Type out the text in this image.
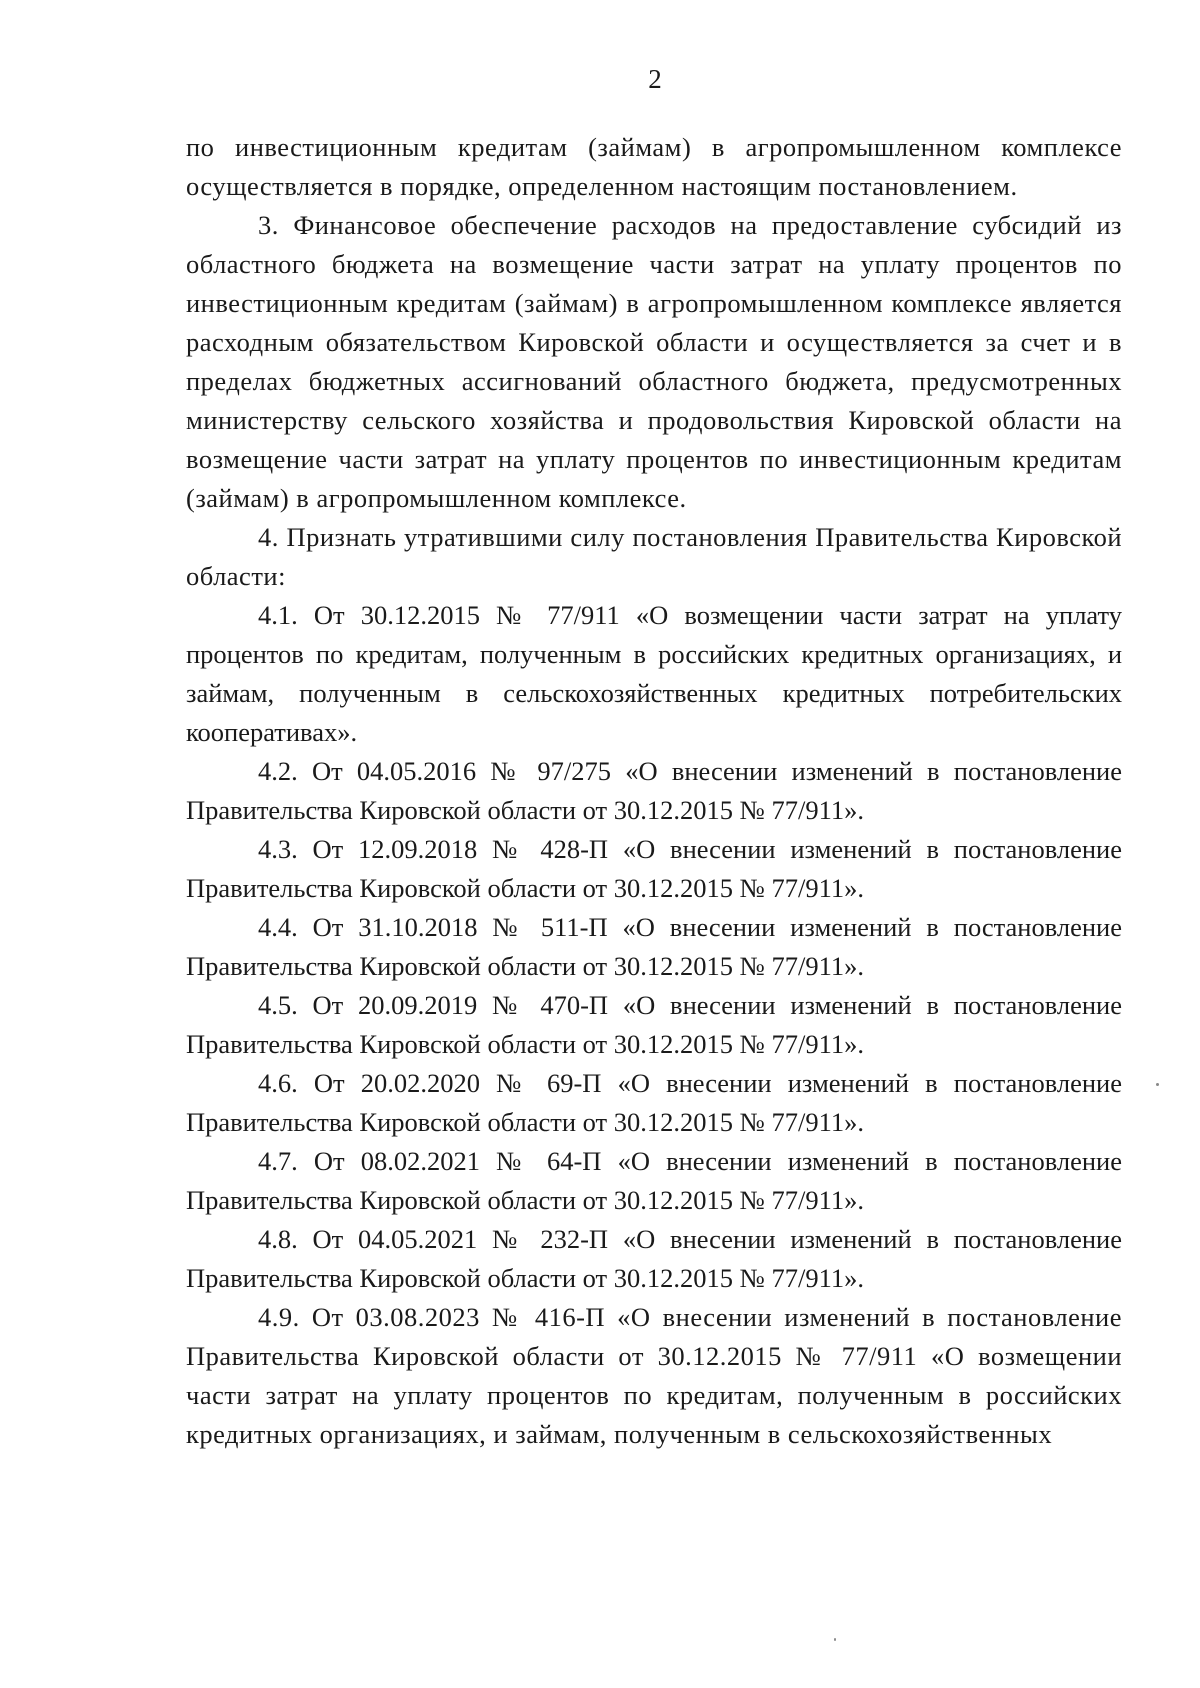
2

по инвестиционным кредитам (займам) в агропромышленном комплексе осуществляется в порядке, определенном настоящим постановлением.

3. Финансовое обеспечение расходов на предоставление субсидий из областного бюджета на возмещение части затрат на уплату процентов по инвестиционным кредитам (займам) в агропромышленном комплексе является расходным обязательством Кировской области и осуществляется за счет и в пределах бюджетных ассигнований областного бюджета, предусмотренных министерству сельского хозяйства и продовольствия Кировской области на возмещение части затрат на уплату процентов по инвестиционным кредитам (займам) в агропромышленном комплексе.

4. Признать утратившими силу постановления Правительства Кировской области:

4.1. От 30.12.2015 № 77/911 «О возмещении части затрат на уплату процентов по кредитам, полученным в российских кредитных организациях, и займам, полученным в сельскохозяйственных кредитных потребительских кооперативах».

4.2. От 04.05.2016 № 97/275 «О внесении изменений в постановление Правительства Кировской области от 30.12.2015 № 77/911».

4.3. От 12.09.2018 № 428-П «О внесении изменений в постановление Правительства Кировской области от 30.12.2015 № 77/911».

4.4. От 31.10.2018 № 511-П «О внесении изменений в постановление Правительства Кировской области от 30.12.2015 № 77/911».

4.5. От 20.09.2019 № 470-П «О внесении изменений в постановление Правительства Кировской области от 30.12.2015 № 77/911».

4.6. От 20.02.2020 № 69-П «О внесении изменений в постановление Правительства Кировской области от 30.12.2015 № 77/911».

4.7. От 08.02.2021 № 64-П «О внесении изменений в постановление Правительства Кировской области от 30.12.2015 № 77/911».

4.8. От 04.05.2021 № 232-П «О внесении изменений в постановление Правительства Кировской области от 30.12.2015 № 77/911».

4.9. От 03.08.2023 № 416-П «О внесении изменений в постановление Правительства Кировской области от 30.12.2015 № 77/911 «О возмещении части затрат на уплату процентов по кредитам, полученным в российских кредитных организациях, и займам, полученным в сельскохозяйственных
